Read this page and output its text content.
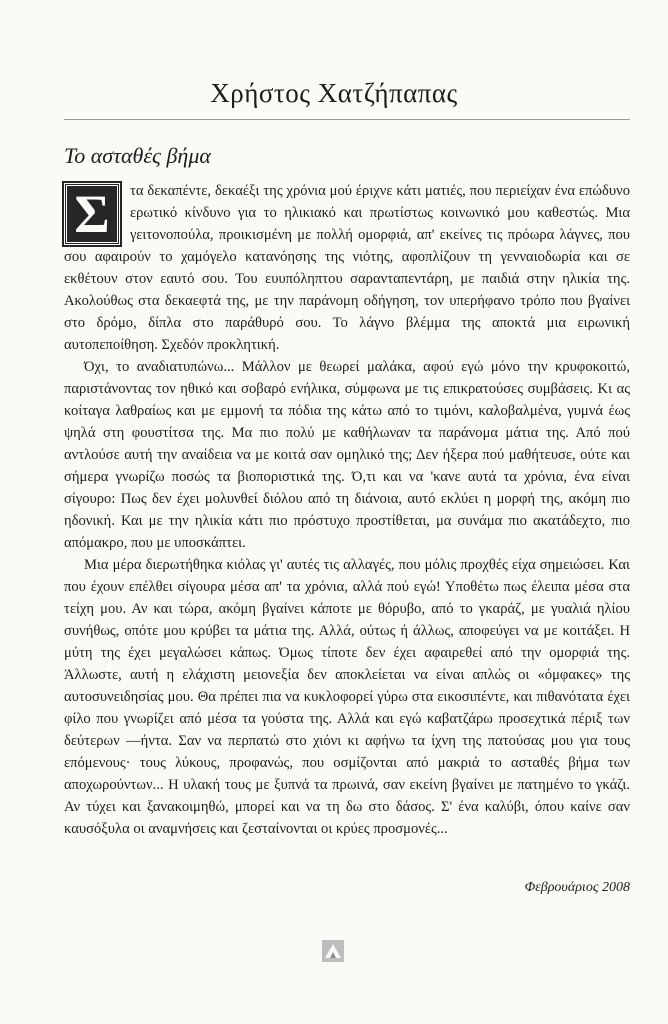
Χρήστος Χατζήπαπας
Το ασταθές βήμα
Σ	τα δεκαπέντε, δεκαέξι της χρόνια μού έριχνε κάτι ματιές, που περιείχαν ένα επώδυνο ερωτικό κίνδυνο για το ηλικιακό και πρωτίστως κοινωνικό μου καθεστώς. Μια γειτονοπούλα, προικισμένη με πολλή ομορφιά, απ' εκείνες τις πρόωρα λάγνες, που σου αφαιρούν το χαμόγελο κατανόησης της νιότης, αφοπλίζουν τη γενναιοδωρία και σε εκθέτουν στον εαυτό σου. Του ευυπόληπτου σαρανταπεντάρη, με παιδιά στην ηλικία της. Ακολούθως στα δεκαεφτά της, με την παράνομη οδήγηση, τον υπερήφανο τρόπο που βγαίνει στο δρόμο, δίπλα στο παράθυρό σου. Το λάγνο βλέμμα της αποκτά μια ειρωνική αυτοπεποίθηση. Σχεδόν προκλητική.

Όχι, το αναδιατυπώνω... Μάλλον με θεωρεί μαλάκα, αφού εγώ μόνο την κρυφοκοιτώ, παριστάνοντας τον ηθικό και σοβαρό ενήλικα, σύμφωνα με τις επικρατούσες συμβάσεις. Κι ας κοίταγα λαθραίως και με εμμονή τα πόδια της κάτω από το τιμόνι, καλοβαλμένα, γυμνά έως ψηλά στη φουστίτσα της. Μα πιο πολύ με καθήλωναν τα παράνομα μάτια της. Από πού αντλούσε αυτή την αναίδεια να με κοιτά σαν ομηλικό της; Δεν ήξερα πού μαθήτευσε, ούτε και σήμερα γνωρίζω ποσώς τα βιοποριστικά της. Ό,τι και να 'κανε αυτά τα χρόνια, ένα είναι σίγουρο: Πως δεν έχει μολυνθεί διόλου από τη διάνοια, αυτό εκλύει η μορφή της, ακόμη πιο ηδονική. Και με την ηλικία κάτι πιο πρόστυχο προστίθεται, μα συνάμα πιο ακατάδεχτο, πιο απόμακρο, που με υποσκάπτει.

Μια μέρα διερωτήθηκα κιόλας γι' αυτές τις αλλαγές, που μόλις προχθές είχα σημειώσει. Και που έχουν επέλθει σίγουρα μέσα απ' τα χρόνια, αλλά πού εγώ! Υποθέτω πως έλειπα μέσα στα τείχη μου. Αν και τώρα, ακόμη βγαίνει κάποτε με θόρυβο, από το γκαράζ, με γυαλιά ηλίου συνήθως, οπότε μου κρύβει τα μάτια της. Αλλά, ούτως ή άλλως, αποφεύγει να με κοιτάξει. Η μύτη της έχει μεγαλώσει κάπως. Όμως τίποτε δεν έχει αφαιρεθεί από την ομορφιά της. Άλλωστε, αυτή η ελάχιστη μειονεξία δεν αποκλείεται να είναι απλώς οι «όμφακες» της αυτοσυνειδησίας μου. Θα πρέπει πια να κυκλοφορεί γύρω στα εικοσιπέντε, και πιθανότατα έχει φίλο που γνωρίζει από μέσα τα γούστα της. Αλλά και εγώ καβατζάρω προσεχτικά πέριξ των δεύτερων —ήντα. Σαν να περπατώ στο χιόνι κι αφήνω τα ίχνη της πατούσας μου για τους επόμενους· τους λύκους, προφανώς, που οσμίζονται από μακριά το ασταθές βήμα των αποχωρούντων... Η υλακή τους με ξυπνά τα πρωινά, σαν εκείνη βγαίνει με πατημένο το γκάζι. Αν τύχει και ξανακοιμηθώ, μπορεί και να τη δω στο δάσος. Σ' ένα καλύβι, όπου καίνε σαν καυσόξυλα οι αναμνήσεις και ζεσταίνονται οι κρύες προσμονές...

Φεβρουάριος 2008
